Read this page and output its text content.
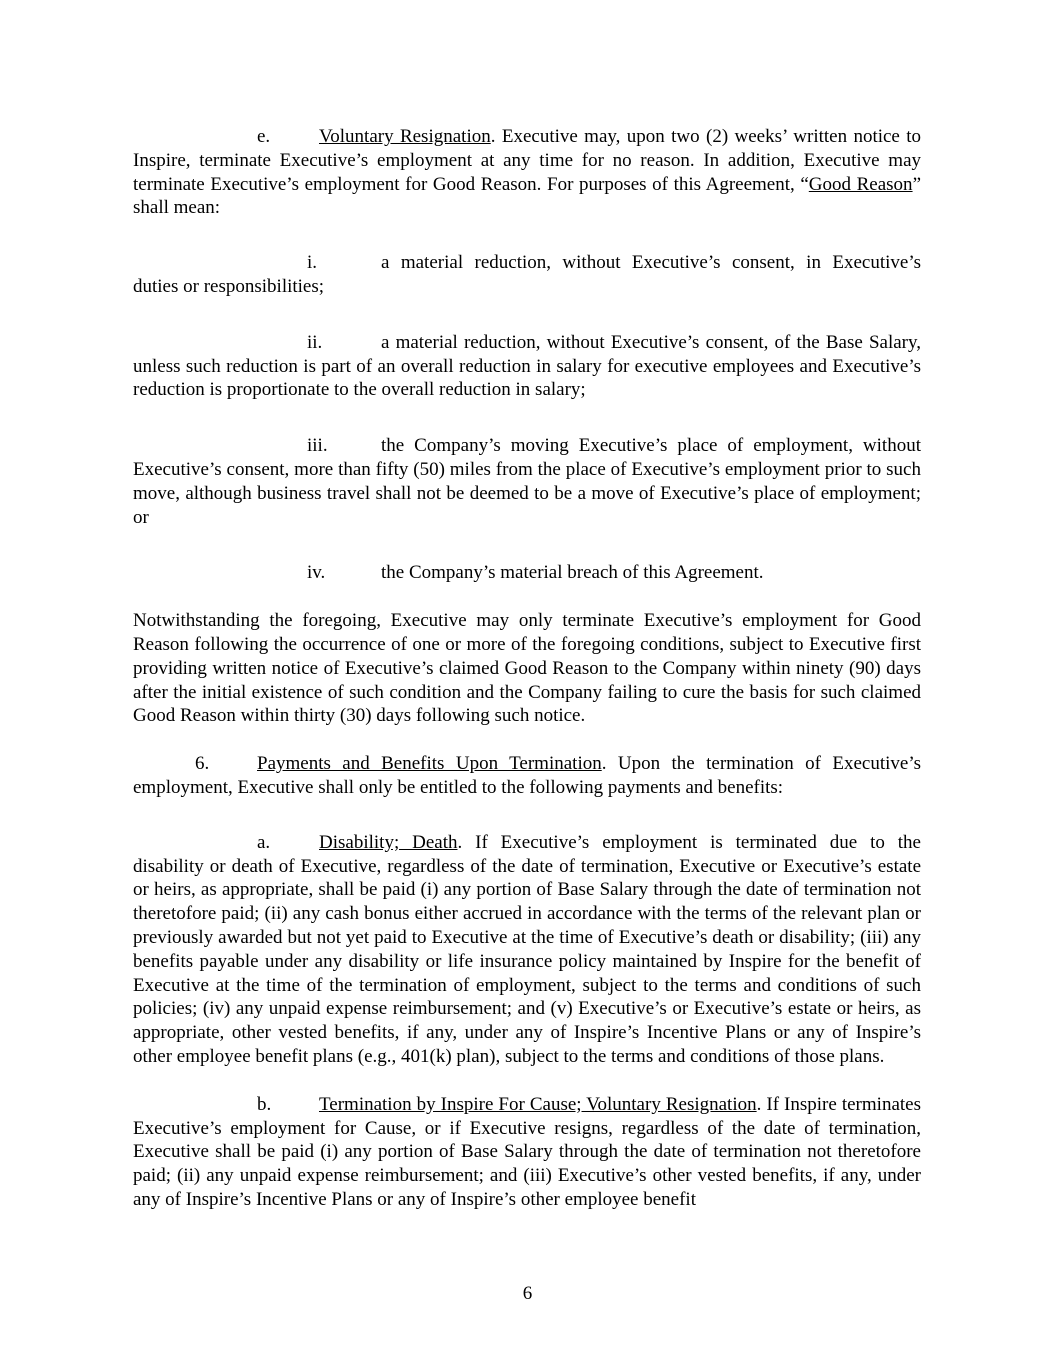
e.	Voluntary Resignation. Executive may, upon two (2) weeks’ written notice to Inspire, terminate Executive’s employment at any time for no reason. In addition, Executive may terminate Executive’s employment for Good Reason. For purposes of this Agreement, “Good Reason” shall mean:

i.	a material reduction, without Executive’s consent, in Executive’s duties or responsibilities;

ii.	a material reduction, without Executive’s consent, of the Base Salary, unless such reduction is part of an overall reduction in salary for executive employees and Executive’s reduction is proportionate to the overall reduction in salary;

iii.	the Company’s moving Executive’s place of employment, without Executive’s consent, more than fifty (50) miles from the place of Executive’s employment prior to such move, although business travel shall not be deemed to be a move of Executive’s place of employment; or

iv.	the Company’s material breach of this Agreement.

Notwithstanding the foregoing, Executive may only terminate Executive’s employment for Good Reason following the occurrence of one or more of the foregoing conditions, subject to Executive first providing written notice of Executive’s claimed Good Reason to the Company within ninety (90) days after the initial existence of such condition and the Company failing to cure the basis for such claimed Good Reason within thirty (30) days following such notice.

6.	Payments and Benefits Upon Termination. Upon the termination of Executive’s employment, Executive shall only be entitled to the following payments and benefits:

a.	Disability; Death. If Executive’s employment is terminated due to the disability or death of Executive, regardless of the date of termination, Executive or Executive’s estate or heirs, as appropriate, shall be paid (i) any portion of Base Salary through the date of termination not theretofore paid; (ii) any cash bonus either accrued in accordance with the terms of the relevant plan or previously awarded but not yet paid to Executive at the time of Executive’s death or disability; (iii) any benefits payable under any disability or life insurance policy maintained by Inspire for the benefit of Executive at the time of the termination of employment, subject to the terms and conditions of such policies; (iv) any unpaid expense reimbursement; and (v) Executive’s or Executive’s estate or heirs, as appropriate, other vested benefits, if any, under any of Inspire’s Incentive Plans or any of Inspire’s other employee benefit plans (e.g., 401(k) plan), subject to the terms and conditions of those plans.

b.	Termination by Inspire For Cause; Voluntary Resignation. If Inspire terminates Executive’s employment for Cause, or if Executive resigns, regardless of the date of termination, Executive shall be paid (i) any portion of Base Salary through the date of termination not theretofore paid; (ii) any unpaid expense reimbursement; and (iii) Executive’s other vested benefits, if any, under any of Inspire’s Incentive Plans or any of Inspire’s other employee benefit

6
